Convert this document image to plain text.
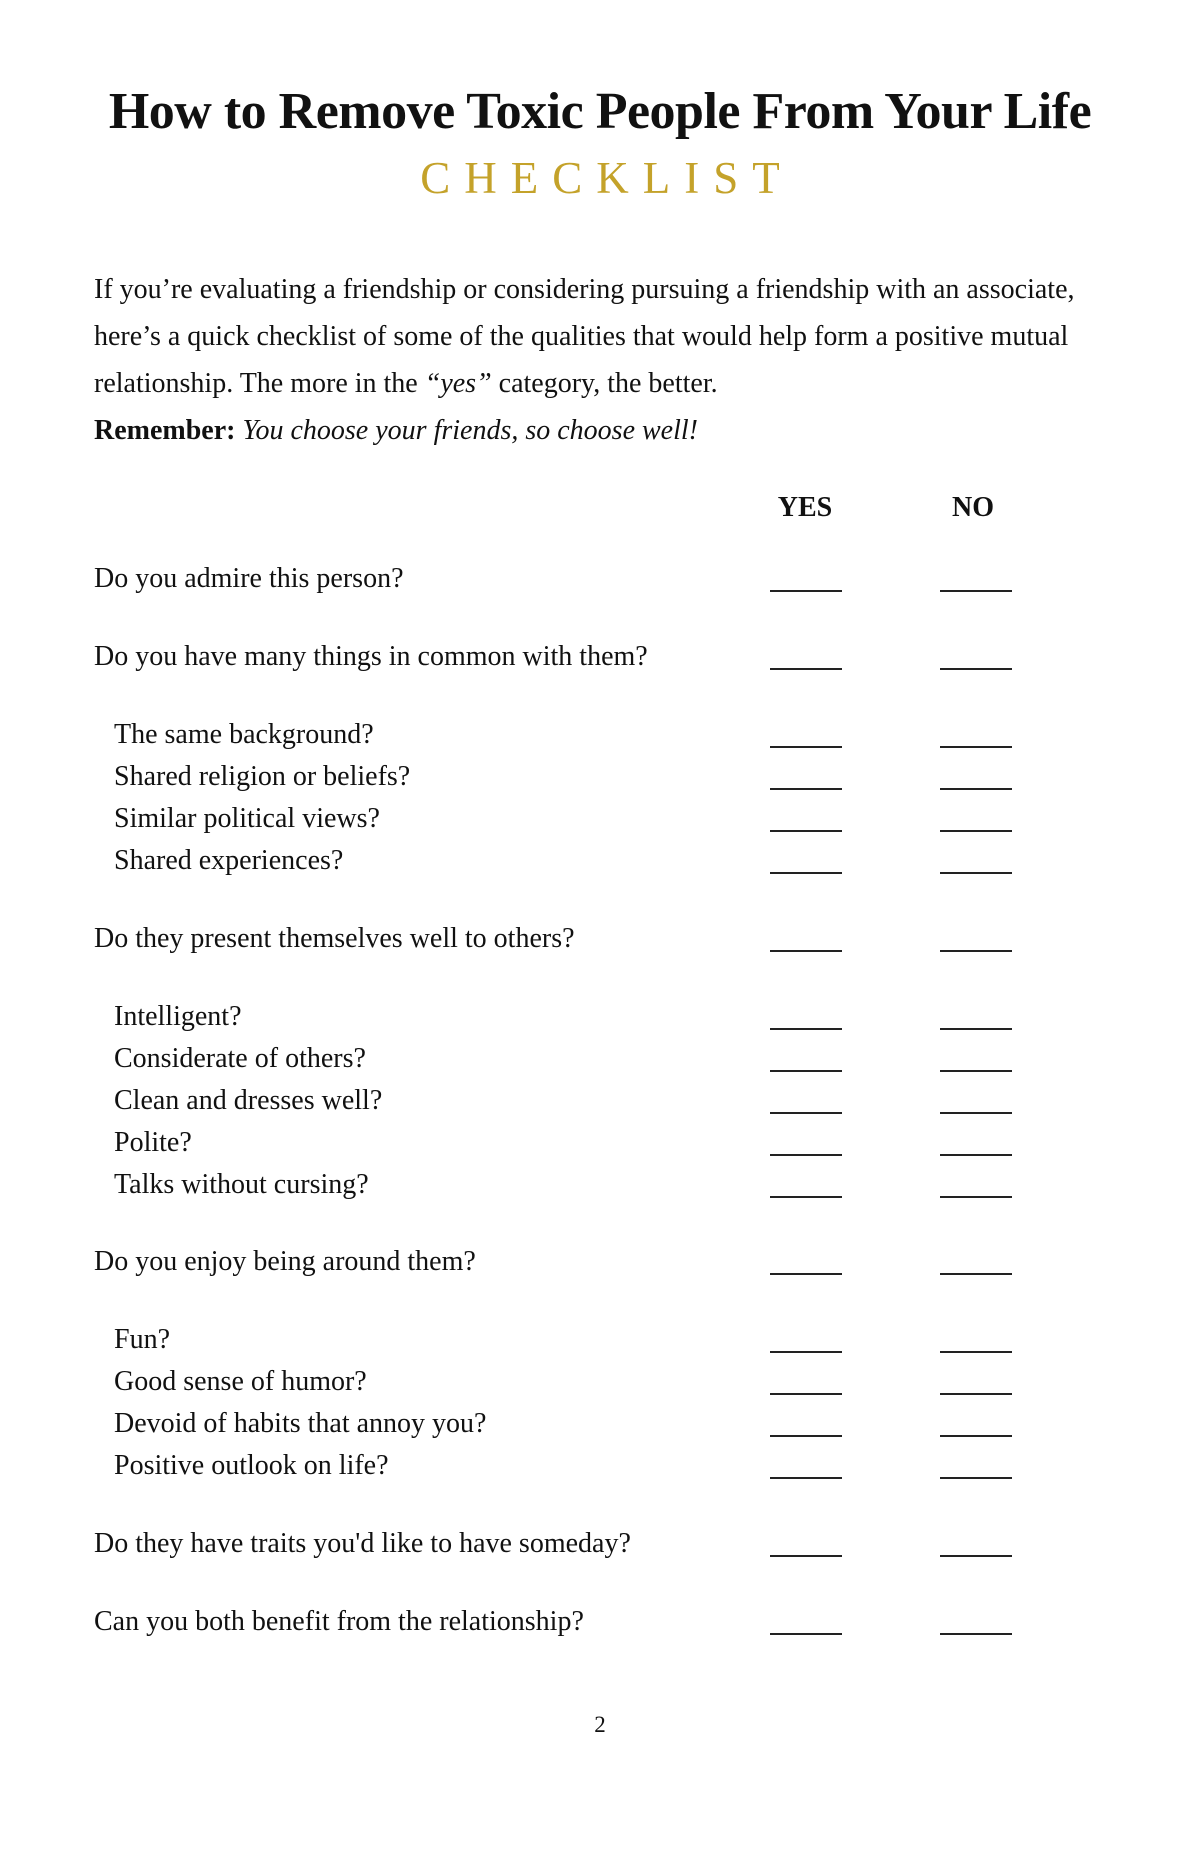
How to Remove Toxic People From Your Life
CHECKLIST

If you’re evaluating a friendship or considering pursuing a friendship with an associate, here’s a quick checklist of some of the qualities that would help form a positive mutual relationship. The more in the “yes” category, the better.
Remember: You choose your friends, so choose well!

YES	NO
Do you admire this person?
Do you have many things in common with them?
The same background?
Shared religion or beliefs?
Similar political views?
Shared experiences?
Do they present themselves well to others?
Intelligent?
Considerate of others?
Clean and dresses well?
Polite?
Talks without cursing?
Do you enjoy being around them?
Fun?
Good sense of humor?
Devoid of habits that annoy you?
Positive outlook on life?
Do they have traits you'd like to have someday?
Can you both benefit from the relationship?
2
